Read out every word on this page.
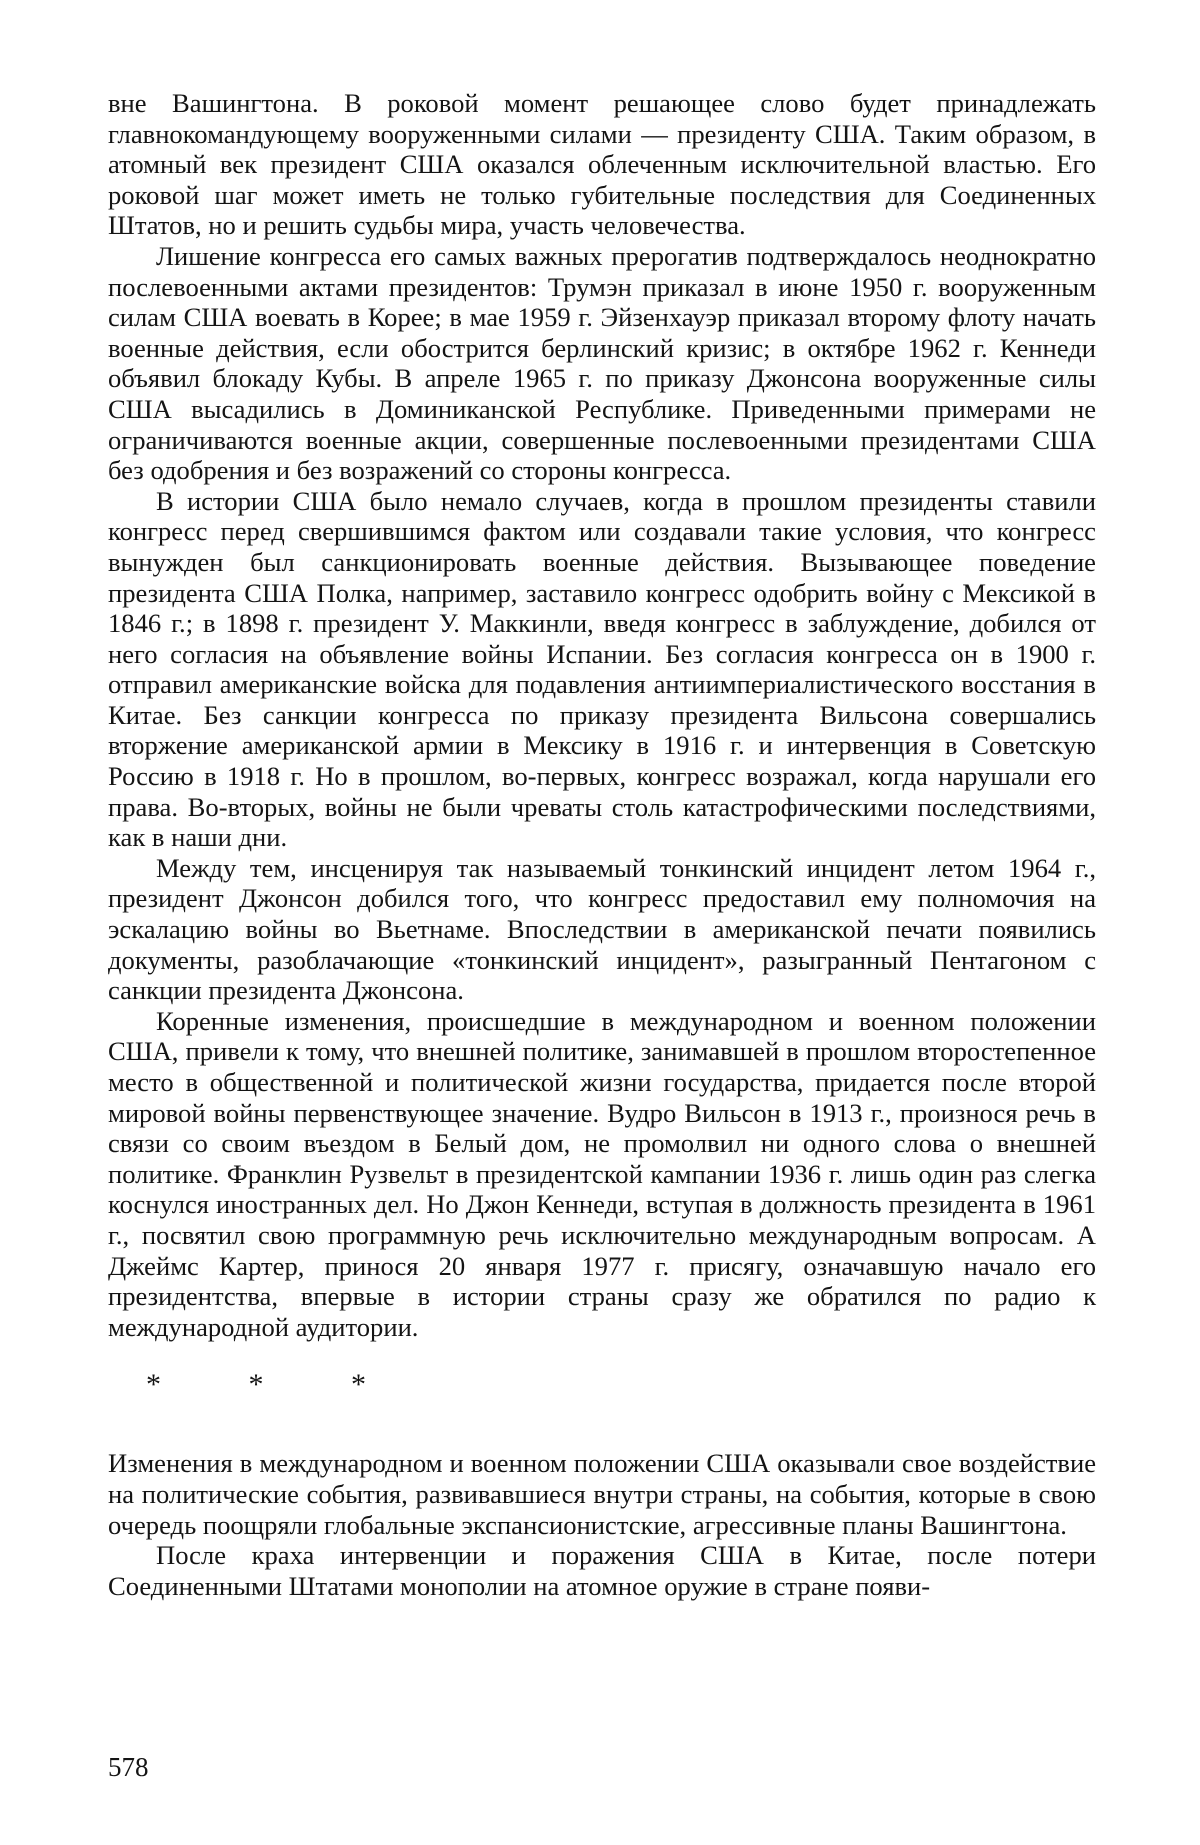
вне Вашингтона. В роковой момент решающее слово будет принадлежать главнокомандующему вооруженными силами — президенту США. Таким образом, в атомный век президент США оказался облеченным исключительной властью. Его роковой шаг может иметь не только губительные последствия для Соединенных Штатов, но и решить судьбы мира, участь человечества.

Лишение конгресса его самых важных прерогатив подтверждалось неоднократно послевоенными актами президентов: Трумэн приказал в июне 1950 г. вооруженным силам США воевать в Корее; в мае 1959 г. Эйзенхауэр приказал второму флоту начать военные действия, если обострится берлинский кризис; в октябре 1962 г. Кеннеди объявил блокаду Кубы. В апреле 1965 г. по приказу Джонсона вооруженные силы США высадились в Доминиканской Республике. Приведенными примерами не ограничиваются военные акции, совершенные послевоенными президентами США без одобрения и без возражений со стороны конгресса.

В истории США было немало случаев, когда в прошлом президенты ставили конгресс перед свершившимся фактом или создавали такие условия, что конгресс вынужден был санкционировать военные действия. Вызывающее поведение президента США Полка, например, заставило конгресс одобрить войну с Мексикой в 1846 г.; в 1898 г. президент У. Маккинли, введя конгресс в заблуждение, добился от него согласия на объявление войны Испании. Без согласия конгресса он в 1900 г. отправил американские войска для подавления антиимпериалистического восстания в Китае. Без санкции конгресса по приказу президента Вильсона совершались вторжение американской армии в Мексику в 1916 г. и интервенция в Советскую Россию в 1918 г. Но в прошлом, во-первых, конгресс возражал, когда нарушали его права. Во-вторых, войны не были чреваты столь катастрофическими последствиями, как в наши дни.

Между тем, инсценируя так называемый тонкинский инцидент летом 1964 г., президент Джонсон добился того, что конгресс предоставил ему полномочия на эскалацию войны во Вьетнаме. Впоследствии в американской печати появились документы, разоблачающие «тонкинский инцидент», разыгранный Пентагоном с санкции президента Джонсона.

Коренные изменения, происшедшие в международном и военном положении США, привели к тому, что внешней политике, занимавшей в прошлом второстепенное место в общественной и политической жизни государства, придается после второй мировой войны первенствующее значение. Вудро Вильсон в 1913 г., произнося речь в связи со своим въездом в Белый дом, не промолвил ни одного слова о внешней политике. Франклин Рузвельт в президентской кампании 1936 г. лишь один раз слегка коснулся иностранных дел. Но Джон Кеннеди, вступая в должность президента в 1961 г., посвятил свою программную речь исключительно международным вопросам. А Джеймс Картер, принося 20 января 1977 г. присягу, означавшую начало его президентства, впервые в истории страны сразу же обратился по радио к международной аудитории.

* * *

Изменения в международном и военном положении США оказывали свое воздействие на политические события, развивавшиеся внутри страны, на события, которые в свою очередь поощряли глобальные экспансионистские, агрессивные планы Вашингтона.

После краха интервенции и поражения США в Китае, после потери Соединенными Штатами монополии на атомное оружие в стране появи-

578
